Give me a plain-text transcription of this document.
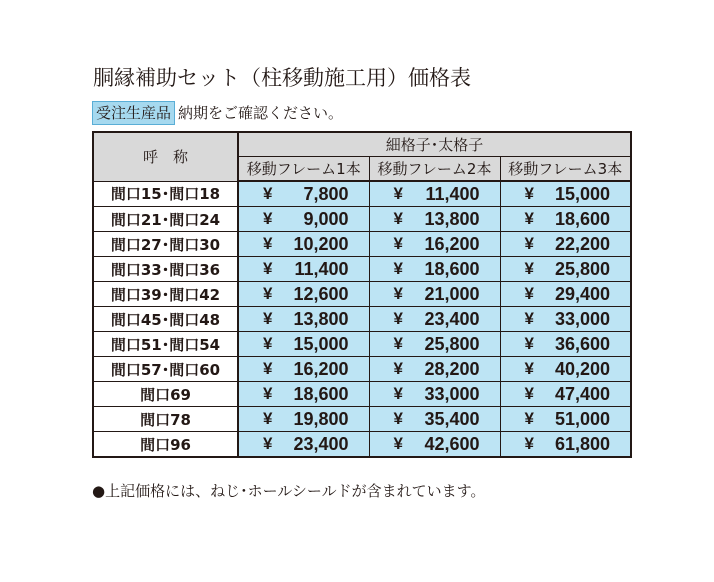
胴縁補助セット（柱移動施工用）価格表
受注生産品 納期をご確認ください。
呼　称	細格子･太格子		
	移動フレーム1本	移動フレーム2本	移動フレーム3本
間口15･間口18	¥ 7,800	¥ 11,400	¥ 15,000

間口21･間口24	¥ 9,000	¥ 13,800	¥ 18,600

間口27･間口30	¥ 10,200	¥ 16,200	¥ 22,200

間口33･間口36	¥ 11,400	¥ 18,600	¥ 25,800

間口39･間口42	¥ 12,600	¥ 21,000	¥ 29,400

間口45･間口48	¥ 13,800	¥ 23,400	¥ 33,000

間口51･間口54	¥ 15,000	¥ 25,800	¥ 36,600

間口57･間口60	¥ 16,200	¥ 28,200	¥ 40,200

間口69	¥ 18,600	¥ 33,000	¥ 47,400

間口78	¥ 19,800	¥ 35,400	¥ 51,000

間口96	¥ 23,400	¥ 42,600	¥ 61,800
●上記価格には、ねじ･ホールシールドが含まれています。
